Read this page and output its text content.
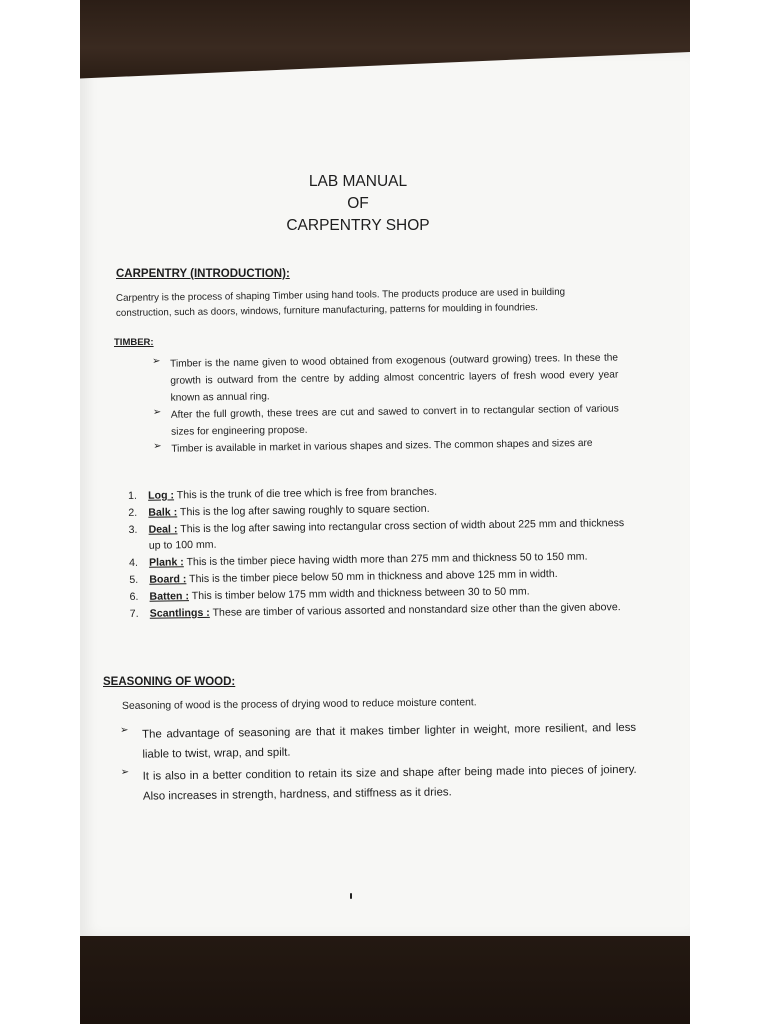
LAB MANUAL
OF
CARPENTRY SHOP
CARPENTRY (INTRODUCTION):
Carpentry is the process of shaping Timber using hand tools. The products produce are used in building
construction, such as doors, windows, furniture manufacturing, patterns for moulding in foundries.
TIMBER:
➢ Timber is the name given to wood obtained from exogenous (outward growing) trees. In these the growth is outward from the centre by adding almost concentric layers of fresh wood every year known as annual ring.
➢ After the full growth, these trees are cut and sawed to convert in to rectangular section of various sizes for engineering propose.
➢ Timber is available in market in various shapes and sizes. The common shapes and sizes are
1.	Log : This is the trunk of die tree which is free from branches.
2.	Balk : This is the log after sawing roughly to square section.
3.	Deal : This is the log after sawing into rectangular cross section of width about 225 mm and thickness up to 100 mm.
4.	Plank : This is the timber piece having width more than 275 mm and thickness 50 to 150 mm.
5.	Board : This is the timber piece below 50 mm in thickness and above 125 mm in width.
6.	Batten : This is timber below 175 mm width and thickness between 30 to 50 mm.
7.	Scantlings : These are timber of various assorted and nonstandard size other than the given above.
SEASONING OF WOOD:
Seasoning of wood is the process of drying wood to reduce moisture content.
➢	The advantage of seasoning are that it makes timber lighter in weight, more resilient, and less liable to twist, wrap, and spilt.
➢	It is also in a better condition to retain its size and shape after being made into pieces of joinery. Also increases in strength, hardness, and stiffness as it dries.
